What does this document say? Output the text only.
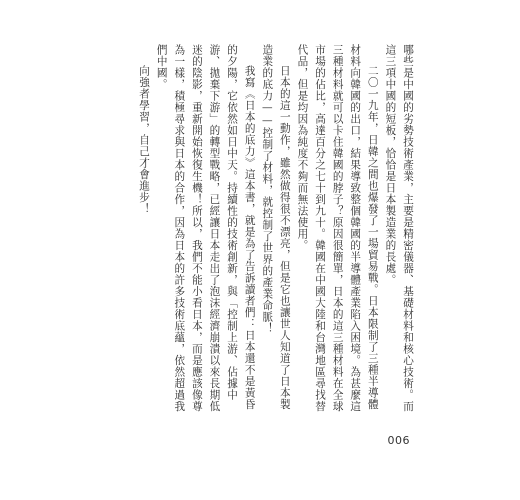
哪些是中國的劣勢技術產業，主要是精密儀器、基礎材料和核心技術。而這三項中國的短板，恰恰是日本製造業的長處。

二〇一九年，日韓之間也爆發了一場貿易戰。日本限制了三種半導體材料向韓國的出口，結果導致整個韓國的半導體產業陷入困境。為甚麼這三種材料就可以卡住韓國的脖子？原因很簡單，日本的這三種材料在全球市場的佔比，高達百分之七十到九十。韓國在中國大陸和台灣地區尋找替代品，但是均因為純度不夠而無法使用。

日本的這一動作，雖然做得很不漂亮，但是它也讓世人知道了日本製造業的底力——控制了材料，就控制了世界的產業命脈！

我寫《日本的底力》這本書，就是為了告訴讀者們：日本還不是黃昏的夕陽，它依然如日中天。持續性的技術創新，與「控制上游、佔據中游、拋棄下游」的轉型戰略，已經讓日本走出了泡沫經濟崩潰以來長期低迷的陰影，重新開始恢復生機！所以，我們不能小看日本，而是應該像尊為一樣，積極尋求與日本的合作，因為日本的許多技術底蘊，依然超過我們中國。

向強者學習，自己才會進步！

006
